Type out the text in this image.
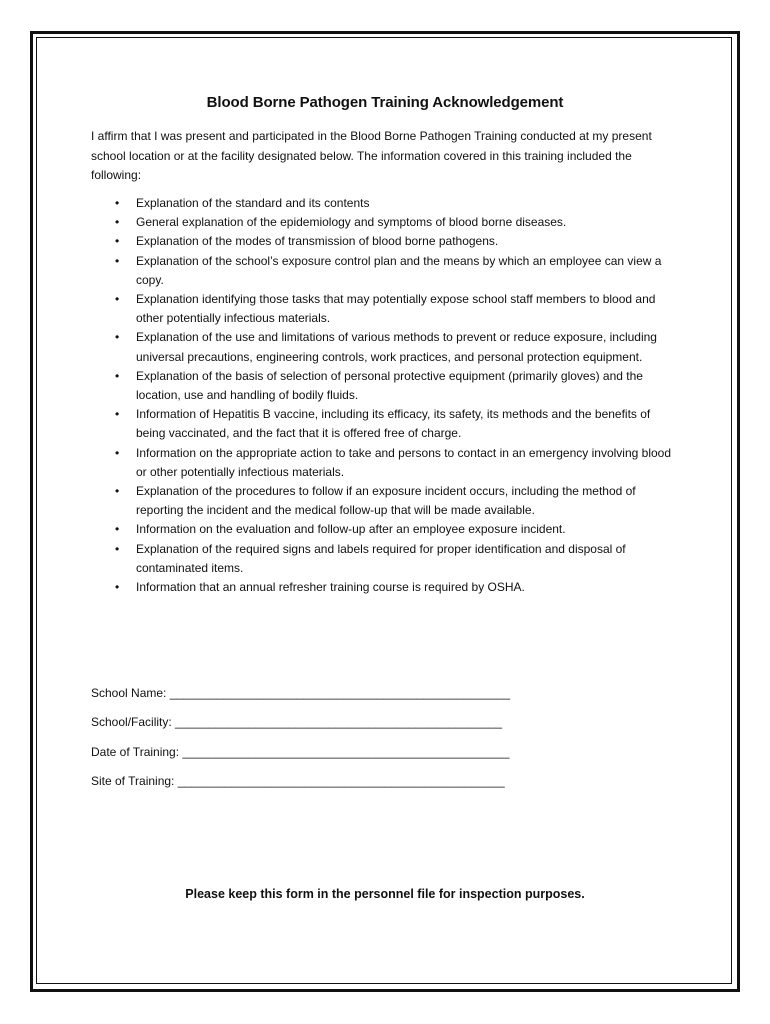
Blood Borne Pathogen Training Acknowledgement
I affirm that I was present and participated in the Blood Borne Pathogen Training conducted at my present school location or at the facility designated below. The information covered in this training included the following:
• Explanation of the standard and its contents
• General explanation of the epidemiology and symptoms of blood borne diseases.
• Explanation of the modes of transmission of blood borne pathogens.
• Explanation of the school’s exposure control plan and the means by which an employee can view a copy.
• Explanation identifying those tasks that may potentially expose school staff members to blood and other potentially infectious materials.
• Explanation of the use and limitations of various methods to prevent or reduce exposure, including universal precautions, engineering controls, work practices, and personal protection equipment.
• Explanation of the basis of selection of personal protective equipment (primarily gloves) and the location, use and handling of bodily fluids.
• Information of Hepatitis B vaccine, including its efficacy, its safety, its methods and the benefits of being vaccinated, and the fact that it is offered free of charge.
• Information on the appropriate action to take and persons to contact in an emergency involving blood or other potentially infectious materials.
• Explanation of the procedures to follow if an exposure incident occurs, including the method of reporting the incident and the medical follow-up that will be made available.
• Information on the evaluation and follow-up after an employee exposure incident.
• Explanation of the required signs and labels required for proper identification and disposal of contaminated items.
• Information that an annual refresher training course is required by OSHA.
School Name: ___________________________________________________
School/Facility: _________________________________________________
Date of Training: _________________________________________________
Site of Training: _________________________________________________
Please keep this form in the personnel file for inspection purposes.
